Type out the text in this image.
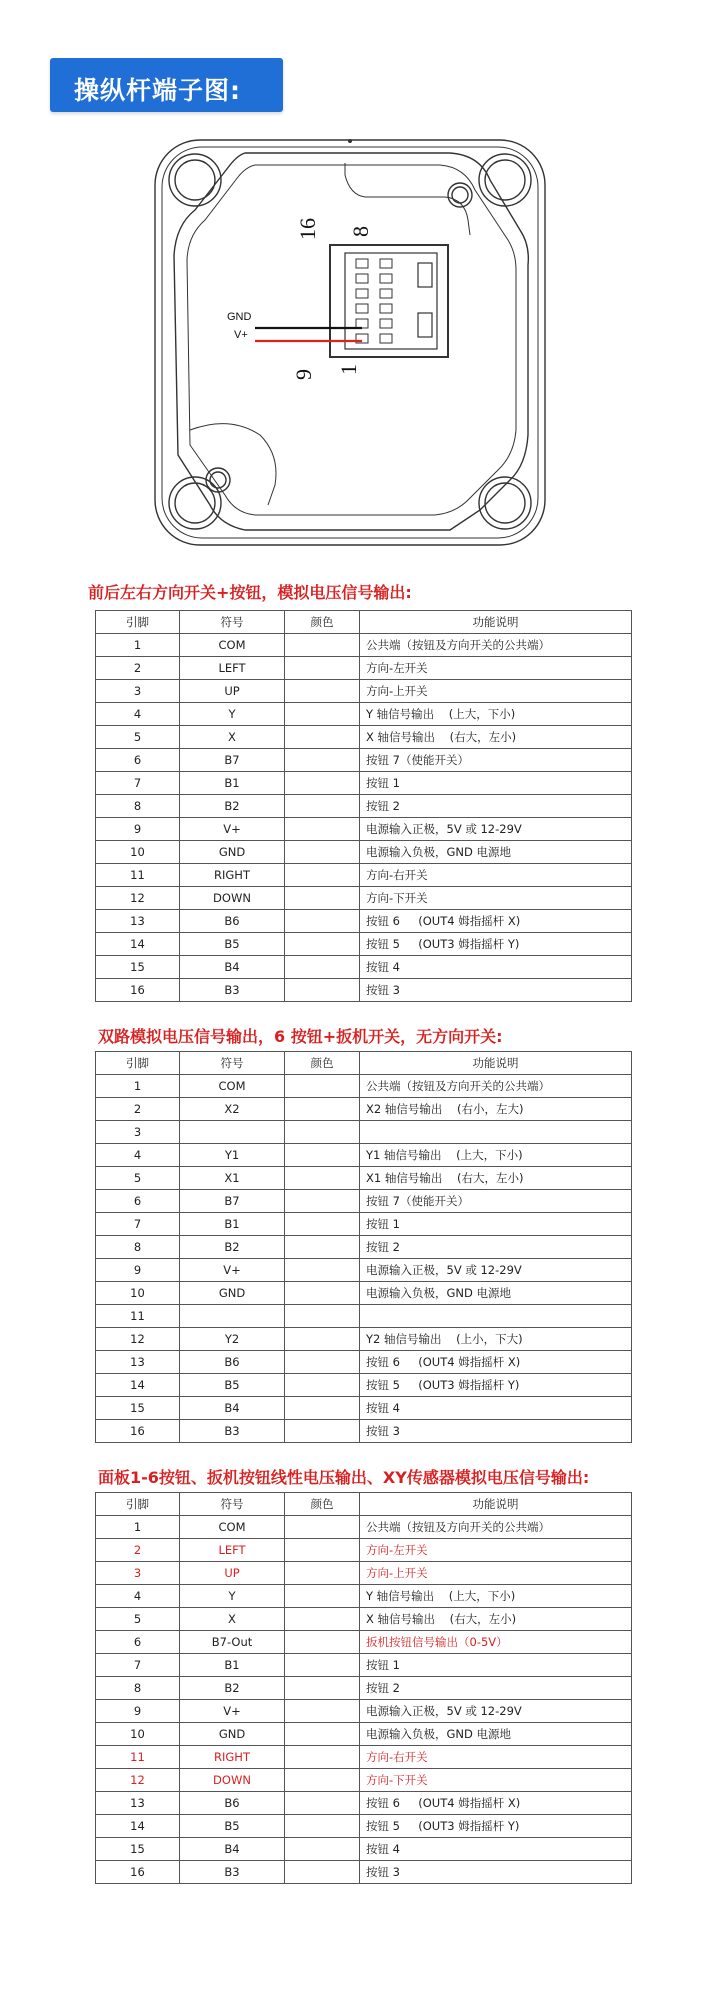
操纵杆端子图:
GND
V+
16 8
9 1
前后左右方向开关+按钮，模拟电压信号输出:
引脚	符号	颜色	功能说明
1	COM		公共端（按钮及方向开关的公共端）
2	LEFT		方向-左开关
3	UP		方向-上开关
4	Y		Y 轴信号输出    (上大，下小)
5	X		X 轴信号输出    (右大，左小)
6	B7		按钮 7（使能开关）
7	B1		按钮 1
8	B2		按钮 2
9	V+		电源输入正极，5V 或 12-29V
10	GND		电源输入负极，GND 电源地
11	RIGHT		方向-右开关
12	DOWN		方向-下开关
13	B6		按钮 6     (OUT4 姆指摇杆 X)
14	B5		按钮 5     (OUT3 姆指摇杆 Y)
15	B4		按钮 4
16	B3		按钮 3
双路模拟电压信号输出，6 按钮+扳机开关，无方向开关:
引脚	符号	颜色	功能说明
1	COM		公共端（按钮及方向开关的公共端）
2	X2		X2 轴信号输出    (右小，左大)
3			
4	Y1		Y1 轴信号输出    (上大，下小)
5	X1		X1 轴信号输出    (右大，左小)
6	B7		按钮 7（使能开关）
7	B1		按钮 1
8	B2		按钮 2
9	V+		电源输入正极，5V 或 12-29V
10	GND		电源输入负极，GND 电源地
11			
12	Y2		Y2 轴信号输出    (上小，下大)
13	B6		按钮 6     (OUT4 姆指摇杆 X)
14	B5		按钮 5     (OUT3 姆指摇杆 Y)
15	B4		按钮 4
16	B3		按钮 3
面板1-6按钮、扳机按钮线性电压输出、XY传感器模拟电压信号输出:
引脚	符号	颜色	功能说明
1	COM		公共端（按钮及方向开关的公共端）
2	LEFT		方向-左开关
3	UP		方向-上开关
4	Y		Y 轴信号输出    (上大，下小)
5	X		X 轴信号输出    (右大，左小)
6	B7-Out		扳机按钮信号输出（0-5V）
7	B1		按钮 1
8	B2		按钮 2
9	V+		电源输入正极，5V 或 12-29V
10	GND		电源输入负极，GND 电源地
11	RIGHT		方向-右开关
12	DOWN		方向-下开关
13	B6		按钮 6     (OUT4 姆指摇杆 X)
14	B5		按钮 5     (OUT3 姆指摇杆 Y)
15	B4		按钮 4
16	B3		按钮 3
